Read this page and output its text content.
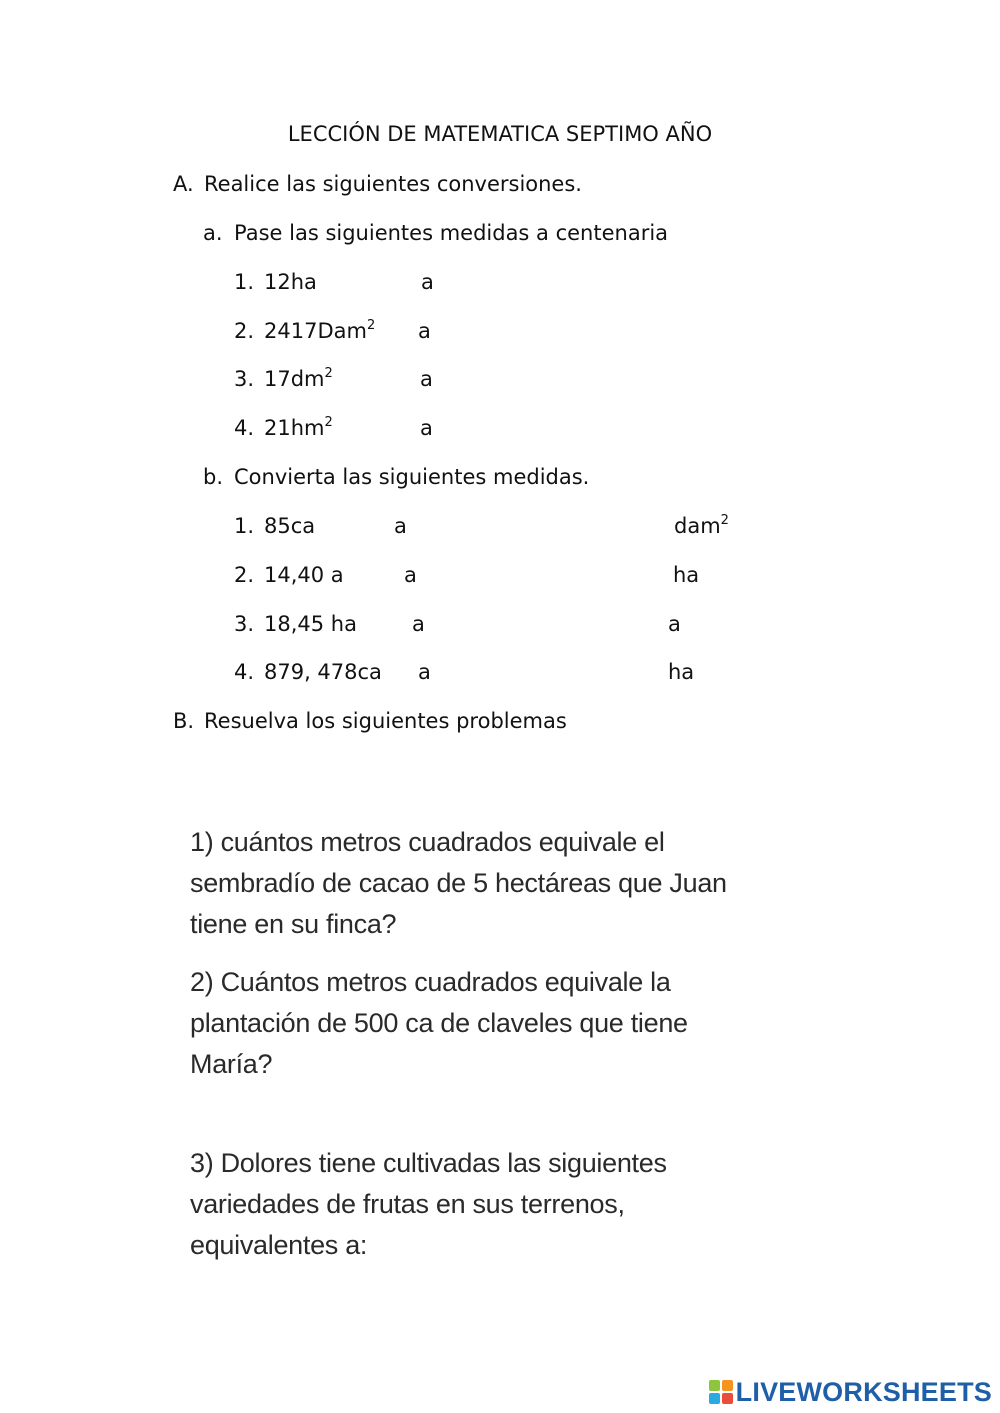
LECCIÓN DE MATEMATICA SEPTIMO AÑO
A. Realice las siguientes conversiones.
a. Pase las siguientes medidas a centenaria
1. 12ha	a
2. 2417Dam$^2$ a
3. $17dm^2$	a
4. $21hm^2$	a
b. Convierta las siguientes medidas.
1. 85ca	a	dam$^2$
2. 14,40 a	a	ha
3. 18,45 ha	a	a
4. 879, 478ca a	ha
B. Resuelva los siguientes problemas
1) cuántos metros cuadrados equivale el
sembradío de cacao de 5 hectáreas que Juan
tiene en su finca?
2) Cuántos metros cuadrados equivale la
plantación de 500 ca de claveles que tiene
María?
3) Dolores tiene cultivadas las siguientes
variedades de frutas en sus terrenos,
equivalentes a:
LIVEWORKSHEETS
